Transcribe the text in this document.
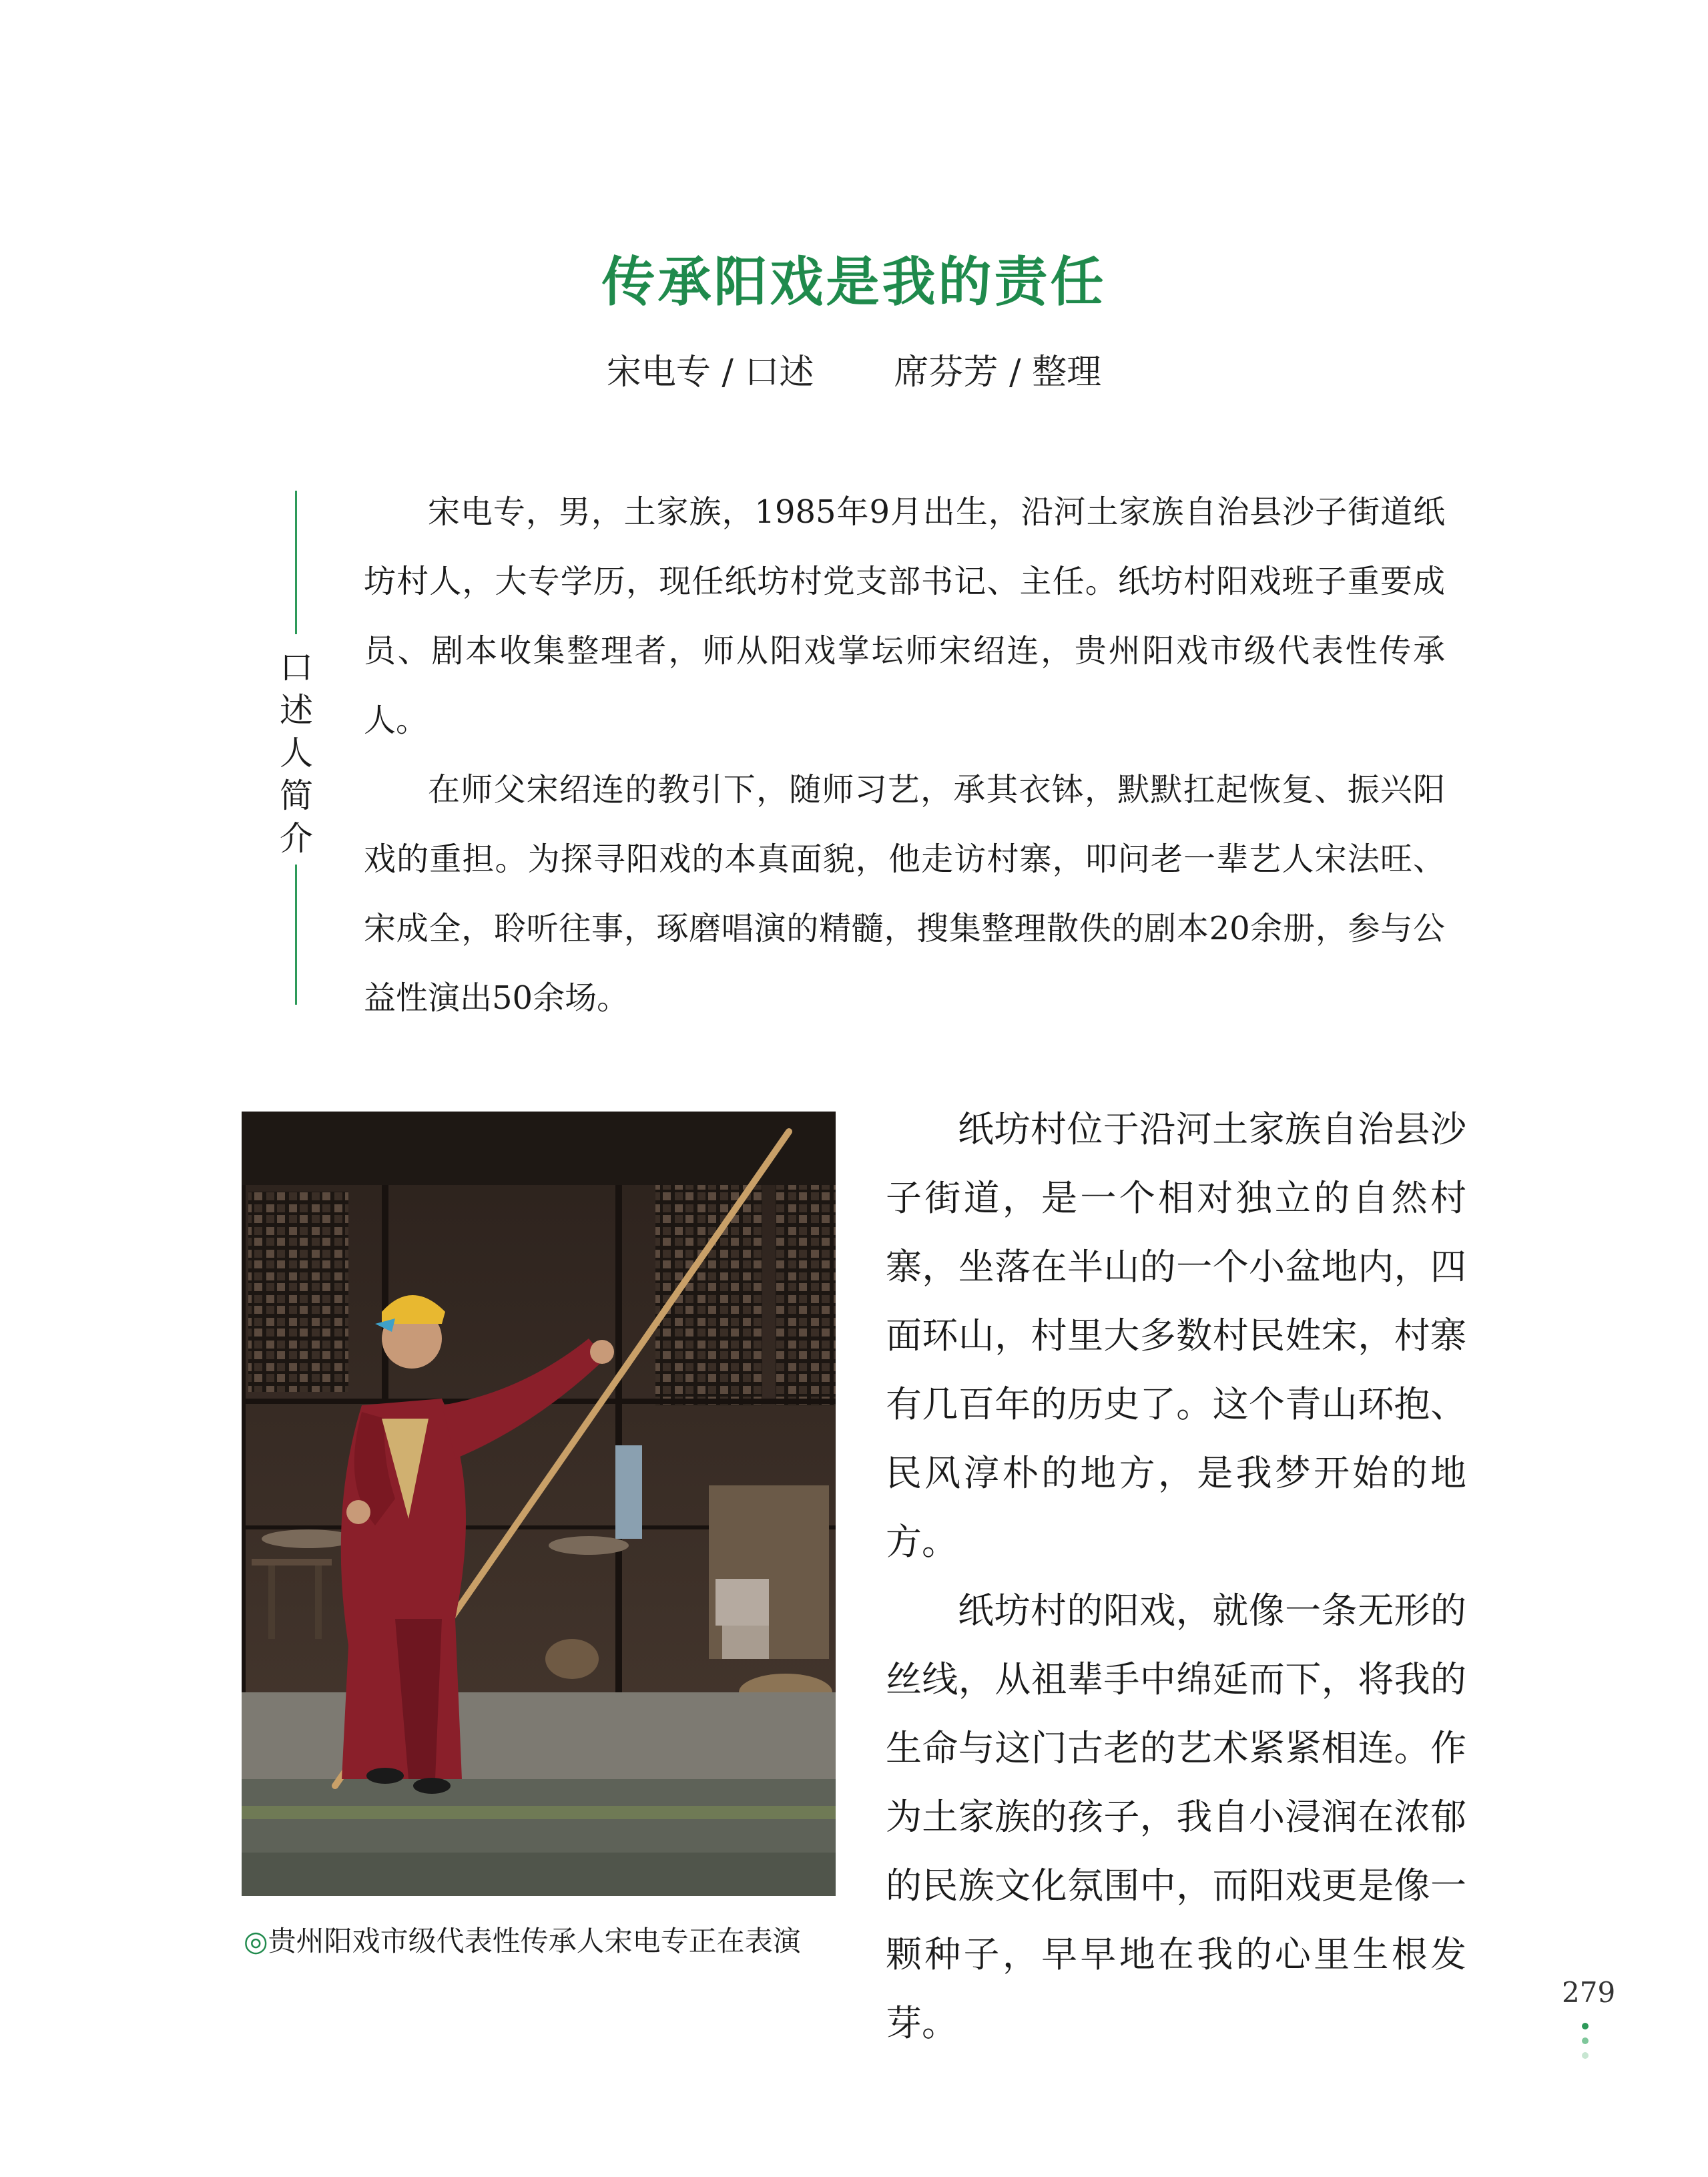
传承阳戏是我的责任
宋电专 / 口述 席芬芳 / 整理
口
述
人
简
介

宋电专，男，土家族，1985年9月出生，沿河土家族自治县沙子街道纸坊村人，大专学历，现任纸坊村党支部书记、主任。纸坊村阳戏班子重要成员、剧本收集整理者，师从阳戏掌坛师宋绍连，贵州阳戏市级代表性传承人。

在师父宋绍连的教引下，随师习艺，承其衣钵，默默扛起恢复、振兴阳戏的重担。为探寻阳戏的本真面貌，他走访村寨，叩问老一辈艺人宋法旺、宋成全，聆听往事，琢磨唱演的精髓，搜集整理散佚的剧本20余册，参与公益性演出50余场。

◎贵州阳戏市级代表性传承人宋电专正在表演

纸坊村位于沿河土家族自治县沙子街道，是一个相对独立的自然村寨，坐落在半山的一个小盆地内，四面环山，村里大多数村民姓宋，村寨有几百年的历史了。这个青山环抱、民风淳朴的地方，是我梦开始的地方。

纸坊村的阳戏，就像一条无形的丝线，从祖辈手中绵延而下，将我的生命与这门古老的艺术紧紧相连。作为土家族的孩子，我自小浸润在浓郁的民族文化氛围中，而阳戏更是像一颗种子，早早地在我的心里生根发芽。

279
